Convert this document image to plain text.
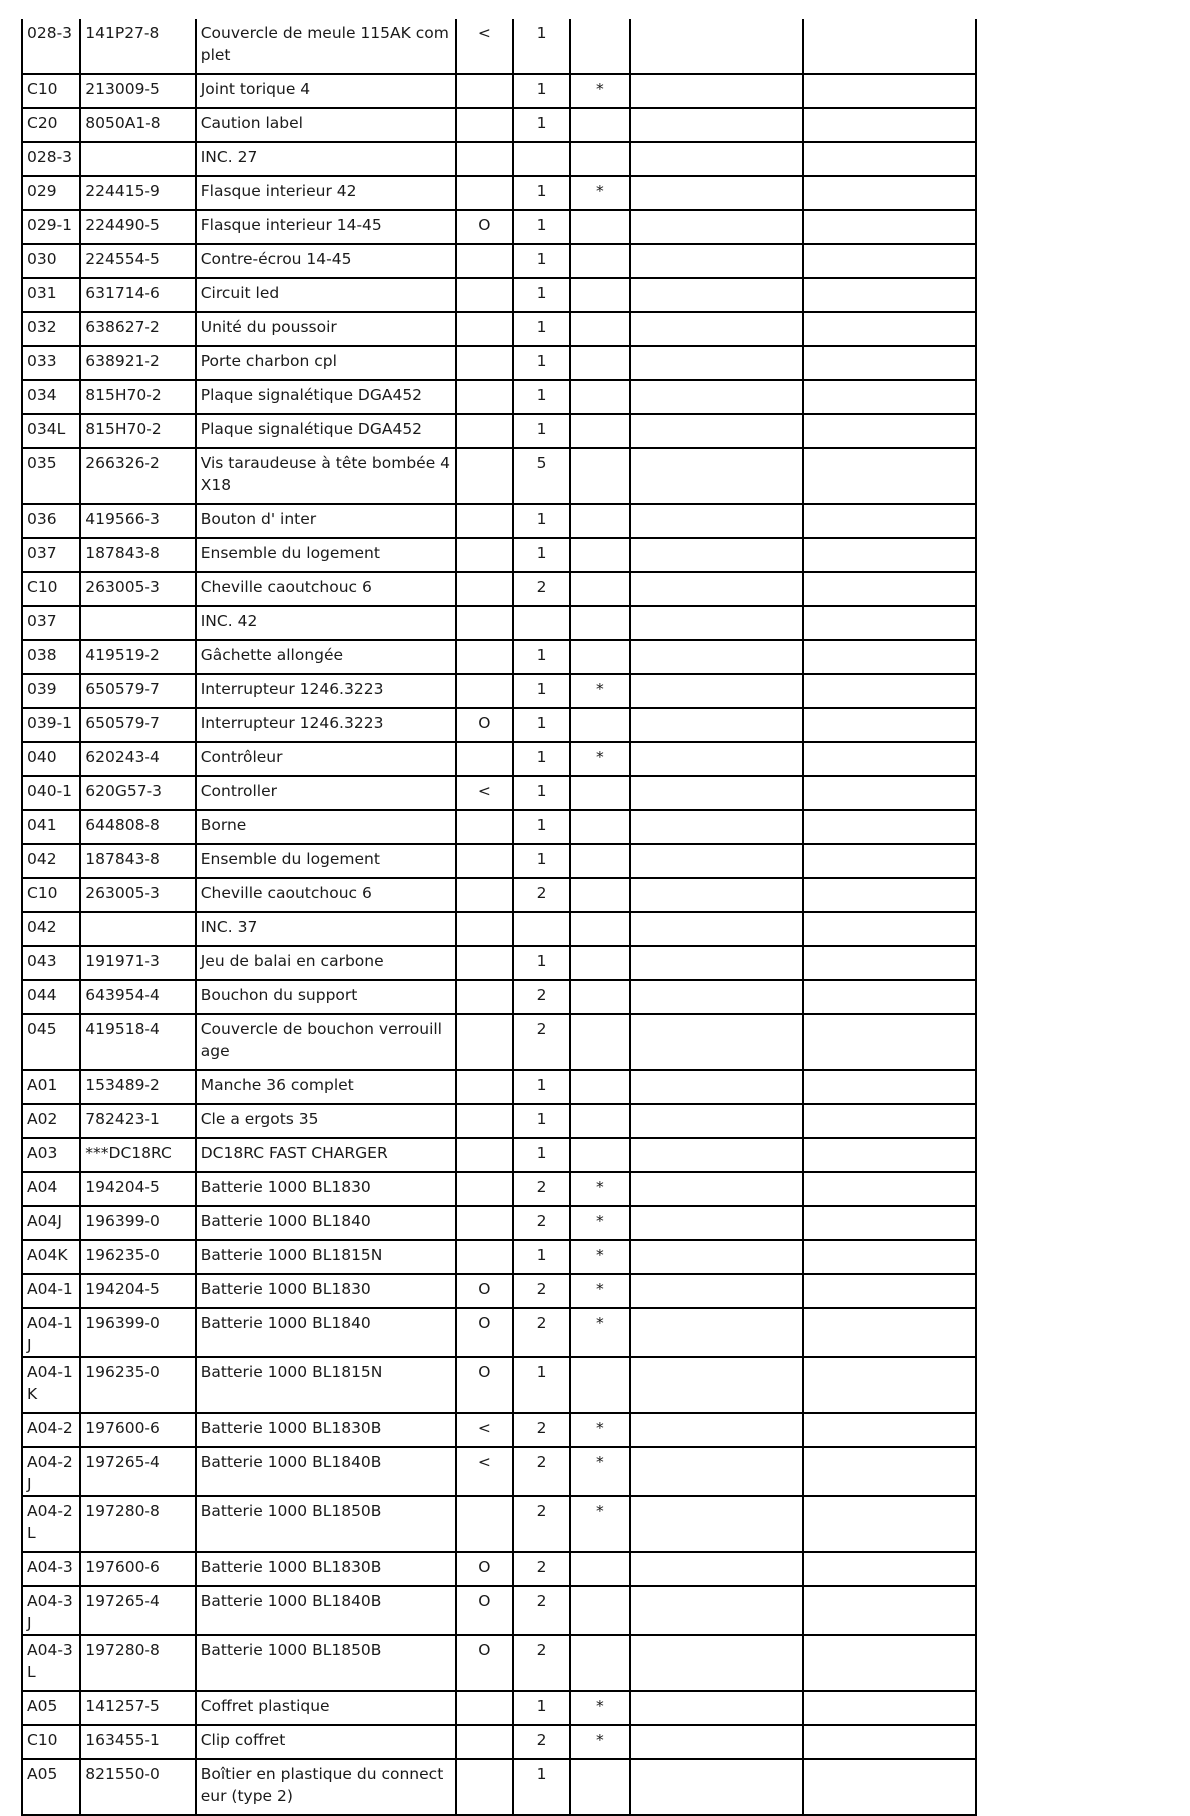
028-3	141P27-8	Couvercle de meule 115AK complet	<	1			
C10	213009-5	Joint torique 4		1	*		
C20	8050A1-8	Caution label		1			
028-3		INC. 27					
029	224415-9	Flasque interieur 42		1	*		
029-1	224490-5	Flasque interieur 14-45	O	1			
030	224554-5	Contre-écrou 14-45		1			
031	631714-6	Circuit led		1			
032	638627-2	Unité du poussoir		1			
033	638921-2	Porte charbon cpl		1			
034	815H70-2	Plaque signalétique DGA452		1			
034L	815H70-2	Plaque signalétique DGA452		1			
035	266326-2	Vis taraudeuse à tête bombée 4X18		5			
036	419566-3	Bouton d' inter		1			
037	187843-8	Ensemble du logement		1			
C10	263005-3	Cheville caoutchouc 6		2			
037		INC. 42					
038	419519-2	Gâchette allongée		1			
039	650579-7	Interrupteur 1246.3223		1	*		
039-1	650579-7	Interrupteur 1246.3223	O	1			
040	620243-4	Contrôleur		1	*		
040-1	620G57-3	Controller	<	1			
041	644808-8	Borne		1			
042	187843-8	Ensemble du logement		1			
C10	263005-3	Cheville caoutchouc 6		2			
042		INC. 37					
043	191971-3	Jeu de balai en carbone		1			
044	643954-4	Bouchon du support		2			
045	419518-4	Couvercle de bouchon verrouillage		2			
A01	153489-2	Manche 36 complet		1			
A02	782423-1	Cle a ergots 35		1			
A03	***DC18RC	DC18RC FAST CHARGER		1			
A04	194204-5	Batterie 1000 BL1830		2	*		
A04J	196399-0	Batterie 1000 BL1840		2	*		
A04K	196235-0	Batterie 1000 BL1815N		1	*		
A04-1	194204-5	Batterie 1000 BL1830	O	2	*		
A04-1J	196399-0	Batterie 1000 BL1840	O	2	*		
A04-1K	196235-0	Batterie 1000 BL1815N	O	1			
A04-2	197600-6	Batterie 1000 BL1830B	<	2	*		
A04-2J	197265-4	Batterie 1000 BL1840B	<	2	*		
A04-2L	197280-8	Batterie 1000 BL1850B		2	*		
A04-3	197600-6	Batterie 1000 BL1830B	O	2			
A04-3J	197265-4	Batterie 1000 BL1840B	O	2			
A04-3L	197280-8	Batterie 1000 BL1850B	O	2			
A05	141257-5	Coffret plastique		1	*		
C10	163455-1	Clip coffret		2	*		
A05	821550-0	Boîtier en plastique du connecteur (type 2)		1			
